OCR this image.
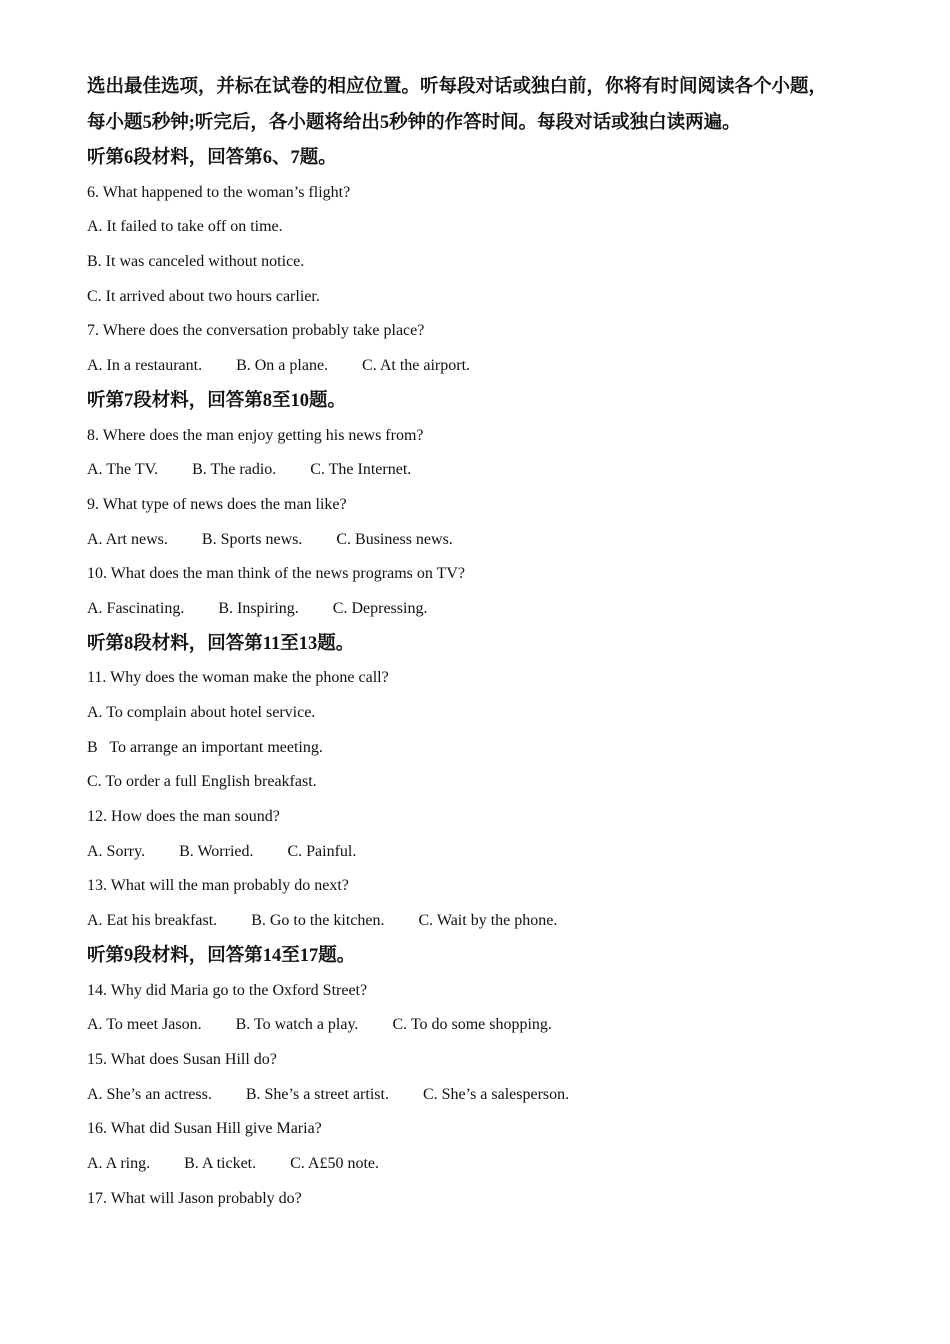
选出最佳选项，并标在试卷的相应位置。听每段对话或独白前，你将有时间阅读各个小题，
每小题5秒钟;听完后，各小题将给出5秒钟的作答时间。每段对话或独白读两遍。
听第6段材料，回答第6、7题。
6. What happened to the woman’s flight?
A. It failed to take off on time.
B. It was canceled without notice.
C. It arrived about two hours carlier.
7. Where does the conversation probably take place?
A. In a restaurant. B. On a plane. C. At the airport.
听第7段材料，回答第8至10题。
8. Where does the man enjoy getting his news from?
A. The TV. B. The radio. C. The Internet.
9. What type of news does the man like?
A. Art news. B. Sports news. C. Business news.
10. What does the man think of the news programs on TV?
A. Fascinating. B. Inspiring. C. Depressing.
听第8段材料，回答第11至13题。
11. Why does the woman make the phone call?
A. To complain about hotel service.
B   To arrange an important meeting.
C. To order a full English breakfast.
12. How does the man sound?
A. Sorry. B. Worried. C. Painful.
13. What will the man probably do next?
A. Eat his breakfast. B. Go to the kitchen. C. Wait by the phone.
听第9段材料，回答第14至17题。
14. Why did Maria go to the Oxford Street?
A. To meet Jason. B. To watch a play. C. To do some shopping.
15. What does Susan Hill do?
A. She’s an actress. B. She’s a street artist. C. She’s a salesperson.
16. What did Susan Hill give Maria?
A. A ring. B. A ticket. C. A£50 note.
17. What will Jason probably do?
